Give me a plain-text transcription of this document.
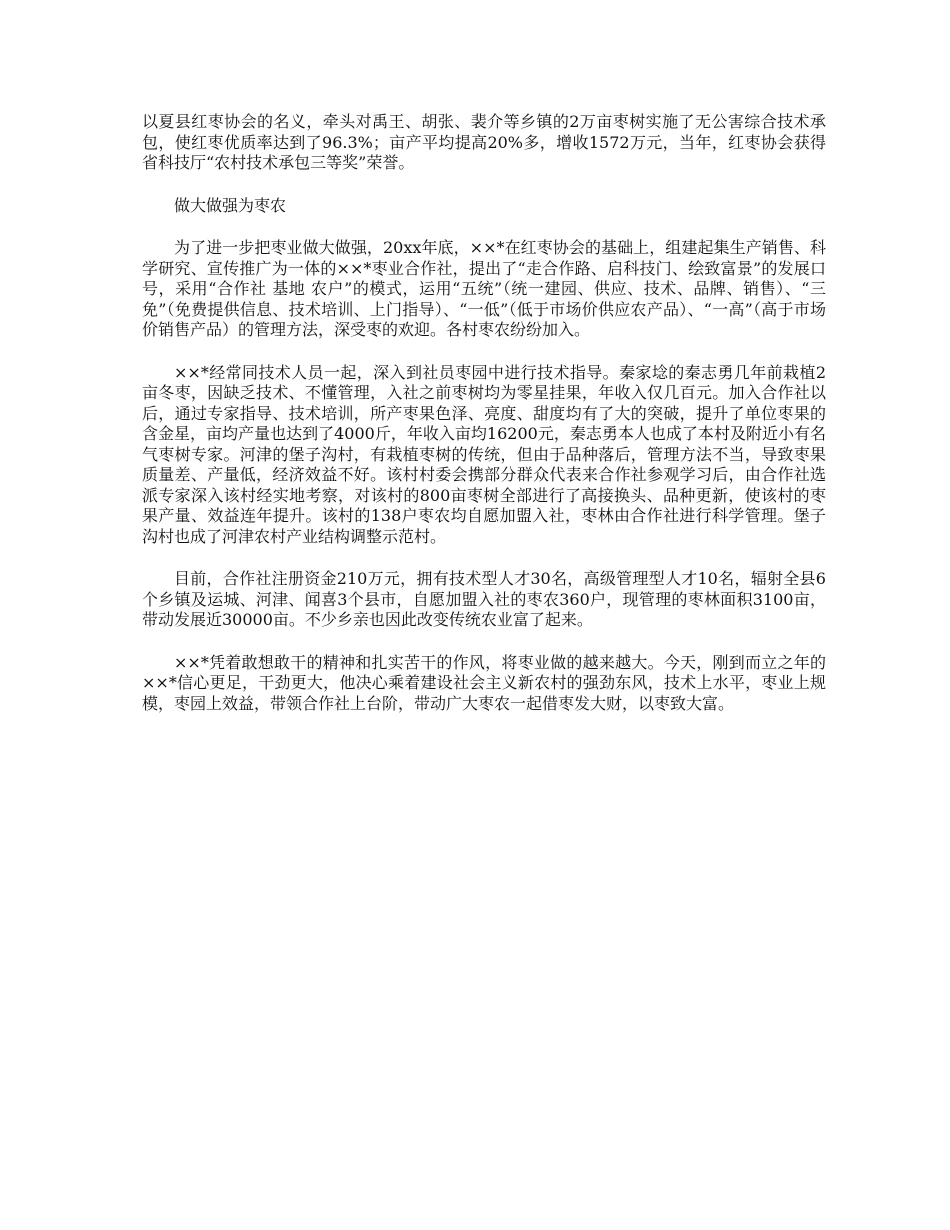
以夏县红枣协会的名义，牵头对禹王、胡张、裴介等乡镇的2万亩枣树实施了无公害综合技术承包，使红枣优质率达到了96.3%；亩产平均提高20%多，增收1572万元，当年，红枣协会获得省科技厅“农村技术承包三等奖”荣誉。

做大做强为枣农

为了进一步把枣业做大做强，20xx年底，××*在红枣协会的基础上，组建起集生产销售、科学研究、宣传推广为一体的××*枣业合作社，提出了“走合作路、启科技门、绘致富景”的发展口号，采用“合作社 基地 农户”的模式，运用“五统”（统一建园、供应、技术、品牌、销售）、“三免”（免费提供信息、技术培训、上门指导）、“一低”（低于市场价供应农产品）、“一高”（高于市场价销售产品）的管理方法，深受枣的欢迎。各村枣农纷纷加入。

××*经常同技术人员一起，深入到社员枣园中进行技术指导。秦家埝的秦志勇几年前栽植2亩冬枣，因缺乏技术、不懂管理，入社之前枣树均为零星挂果，年收入仅几百元。加入合作社以后，通过专家指导、技术培训，所产枣果色泽、亮度、甜度均有了大的突破，提升了单位枣果的含金星，亩均产量也达到了4000斤，年收入亩均16200元，秦志勇本人也成了本村及附近小有名气枣树专家。河津的堡子沟村，有栽植枣树的传统，但由于品种落后，管理方法不当，导致枣果质量差、产量低，经济效益不好。该村村委会携部分群众代表来合作社参观学习后，由合作社选派专家深入该村经实地考察，对该村的800亩枣树全部进行了高接换头、品种更新，使该村的枣果产量、效益连年提升。该村的138户枣农均自愿加盟入社，枣林由合作社进行科学管理。堡子沟村也成了河津农村产业结构调整示范村。

目前，合作社注册资金210万元，拥有技术型人才30名，高级管理型人才10名，辐射全县6个乡镇及运城、河津、闻喜3个县市，自愿加盟入社的枣农360户，现管理的枣林面积3100亩，带动发展近30000亩。不少乡亲也因此改变传统农业富了起来。

××*凭着敢想敢干的精神和扎实苦干的作风，将枣业做的越来越大。今天，刚到而立之年的××*信心更足，干劲更大，他决心乘着建设社会主义新农村的强劲东风，技术上水平，枣业上规模，枣园上效益，带领合作社上台阶，带动广大枣农一起借枣发大财，以枣致大富。
